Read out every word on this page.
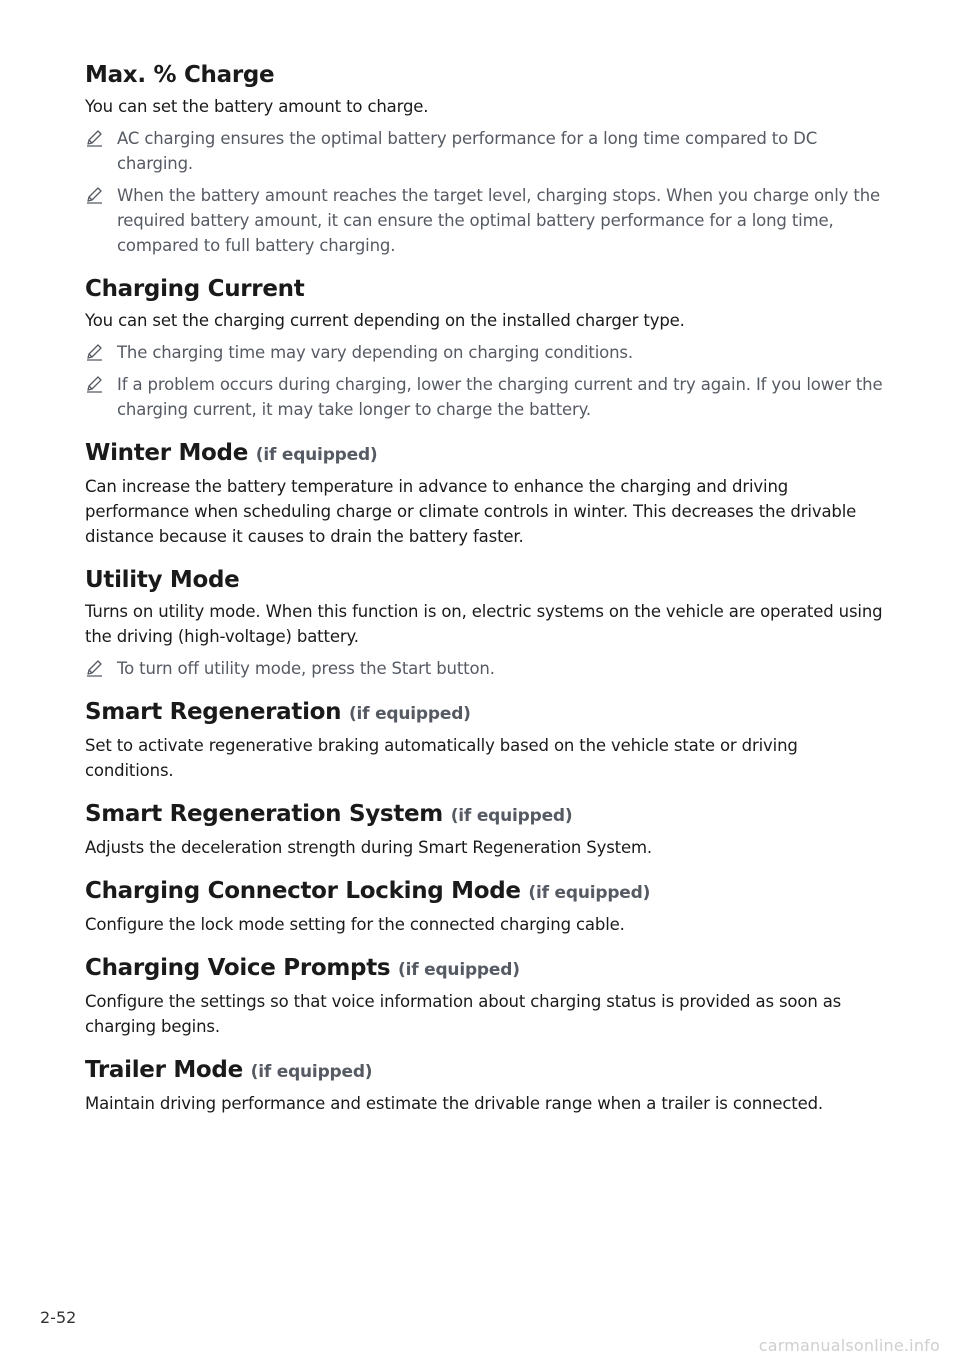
Max. % Charge

You can set the battery amount to charge.

AC charging ensures the optimal battery performance for a long time compared to DC charging.
When the battery amount reaches the target level, charging stops. When you charge only the required battery amount, it can ensure the optimal battery performance for a long time, compared to full battery charging.
Charging Current

You can set the charging current depending on the installed charger type.

The charging time may vary depending on charging conditions.
If a problem occurs during charging, lower the charging current and try again. If you lower the charging current, it may take longer to charge the battery.
Winter Mode (if equipped)

Can increase the battery temperature in advance to enhance the charging and driving performance when scheduling charge or climate controls in winter. This decreases the drivable distance because it causes to drain the battery faster.

Utility Mode

Turns on utility mode. When this function is on, electric systems on the vehicle are operated using the driving (high-voltage) battery.

To turn off utility mode, press the Start button.
Smart Regeneration (if equipped)

Set to activate regenerative braking automatically based on the vehicle state or driving conditions.

Smart Regeneration System (if equipped)

Adjusts the deceleration strength during Smart Regeneration System.

Charging Connector Locking Mode (if equipped)

Configure the lock mode setting for the connected charging cable.

Charging Voice Prompts (if equipped)

Configure the settings so that voice information about charging status is provided as soon as charging begins.

Trailer Mode (if equipped)

Maintain driving performance and estimate the drivable range when a trailer is connected.

2-52
carmanualsonline.info
